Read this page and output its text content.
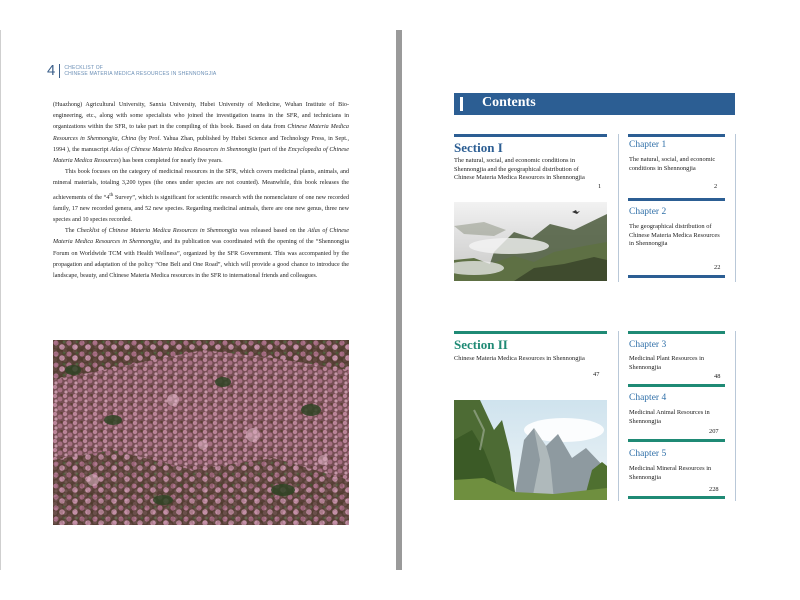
4 CHECKLIST OF
CHINESE MATERIA MEDICA RESOURCES IN SHENNONGJIA

(Huazhong) Agricultural University, Sanxia University, Hubei University of Medicine, Wuhan Institute of Bio-engineering, etc., along with some specialists who joined the investigation teams in the SFR, and technicians in organizations within the SFR, to take part in the compiling of this book. Based on data from Chinese Materia Medica Resources in Shennongjia, China (by Prof. Yahua Zhan, published by Hubei Science and Technology Press, in Sept., 1994 ), the manuscript Atlas of Chinese Materia Medica Resources in Shennongjia (part of the Encyclopedia of Chinese Materia Medica Resources) has been completed for nearly five years.

This book focuses on the category of medicinal resources in the SFR, which covers medicinal plants, animals, and mineral materials, totaling 3,200 types (the ones under species are not counted). Meanwhile, this book releases the achievements of the “4th Survey”, which is significant for scientific research with the nomenclature of one new recorded family, 17 new recorded genera, and 52 new species. Regarding medicinal animals, there are one new genus, three new species and 10 species recorded.

The Checklist of Chinese Materia Medica Resources in Shennongjia was released based on the Atlas of Chinese Materia Medica Resources in Shennongjia, and its publication was coordinated with the opening of the “Shennongjia Forum on Worldwide TCM with Health Wellness”, organized by the SFR Government. This was accompanied by the propagation and adaptation of the policy “One Belt and One Road”, which will provide a good chance to introduce the landscape, beauty, and Chinese Materia Medica resources in the SFR to international friends and colleagues.

Contents
Section I
The natural, social, and economic conditions in Shennongjia and the geographical distribution of Chinese Materia Medica Resources in Shennongjia
1
Chapter 1
The natural, social, and economic conditions in Shennongjia
2
Chapter 2
The geographical distribution of Chinese Materia Medica Resources in Shennongjia
22
Section II
Chinese Materia Medica Resources in Shennongjia
47
Chapter 3
Medicinal Plant Resources in Shennongjia
48
Chapter 4
Medicinal Animal Resources in Shennongjia
207
Chapter 5
Medicinal Mineral Resources in Shennongjia
228
